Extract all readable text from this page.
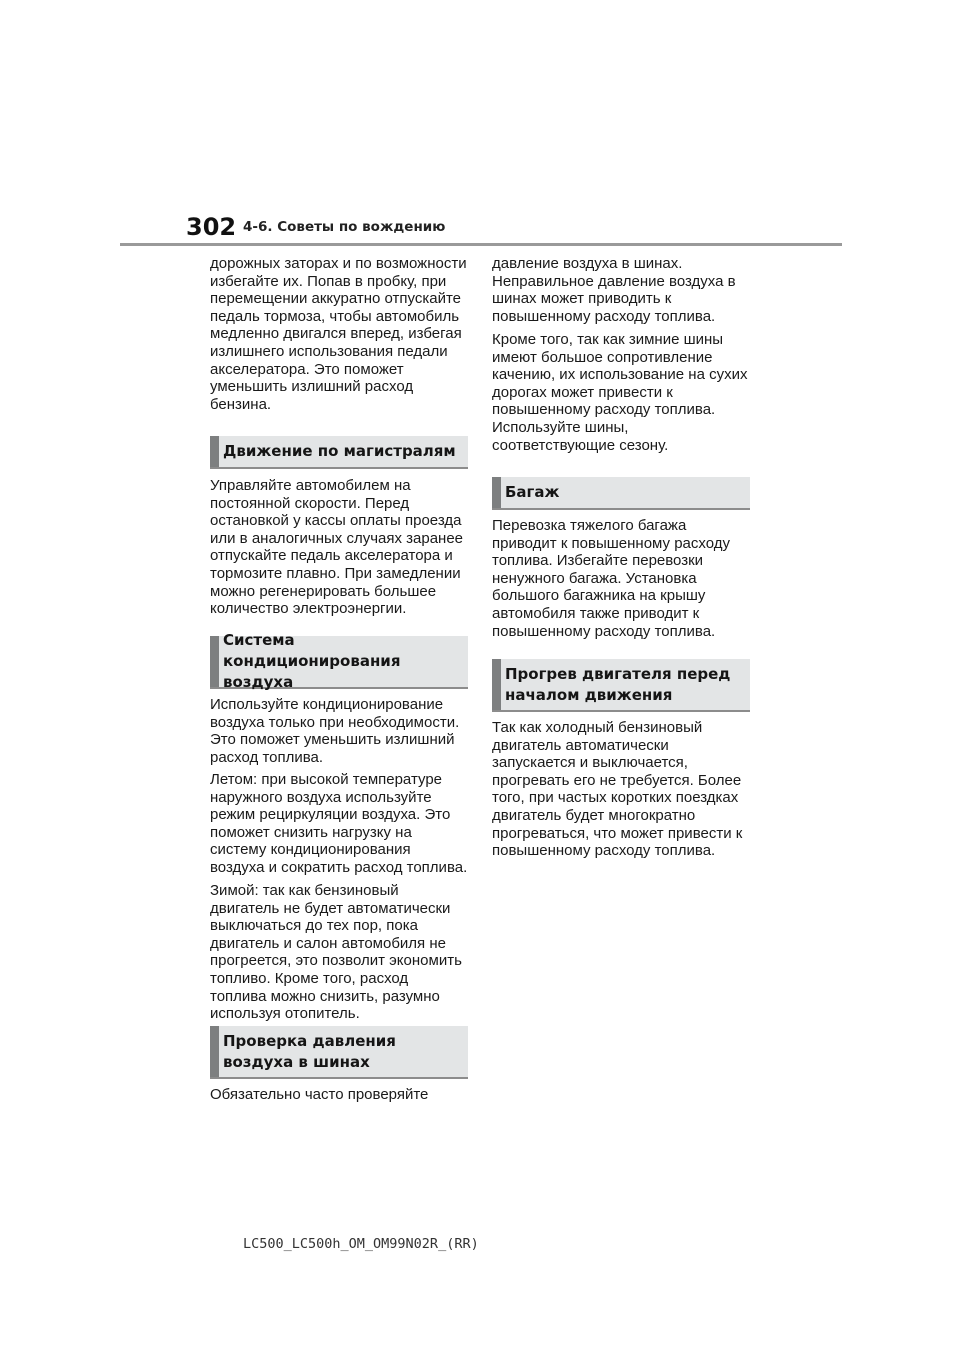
302 4-6. Советы по вождению

дорожных заторах и по возможности избегайте их. Попав в пробку, при перемещении аккуратно отпускайте педаль тормоза, чтобы автомобиль медленно двигался вперед, избегая излишнего использования педали акселератора. Это поможет уменьшить излишний расход бензина.

Движение по магистралям

Управляйте автомобилем на постоянной скорости. Перед остановкой у кассы оплаты проезда или в аналогичных случаях заранее отпускайте педаль акселератора и тормозите плавно. При замедлении можно регенерировать большее количество электроэнергии.

Система кондиционирования воздуха

Используйте кондиционирование воздуха только при необходимости. Это поможет уменьшить излишний расход топлива.

Летом: при высокой температуре наружного воздуха используйте режим рециркуляции воздуха. Это поможет снизить нагрузку на систему кондиционирования воздуха и сократить расход топлива.

Зимой: так как бензиновый двигатель не будет автоматически выключаться до тех пор, пока двигатель и салон автомобиля не прогреется, это позволит экономить топливо. Кроме того, расход топлива можно снизить, разумно используя отопитель.

Проверка давления воздуха в шинах

Обязательно часто проверяйте

давление воздуха в шинах. Неправильное давление воздуха в шинах может приводить к повышенному расходу топлива.

Кроме того, так как зимние шины имеют большое сопротивление качению, их использование на сухих дорогах может привести к повышенному расходу топлива. Используйте шины, соответствующие сезону.

Багаж

Перевозка тяжелого багажа приводит к повышенному расходу топлива. Избегайте перевозки ненужного багажа. Установка большого багажника на крышу автомобиля также приводит к повышенному расходу топлива.

Прогрев двигателя перед началом движения

Так как холодный бензиновый двигатель автоматически запускается и выключается, прогревать его не требуется. Более того, при частых коротких поездках двигатель будет многократно прогреваться, что может привести к повышенному расходу топлива.

LC500_LC500h_OM_OM99N02R_(RR)
